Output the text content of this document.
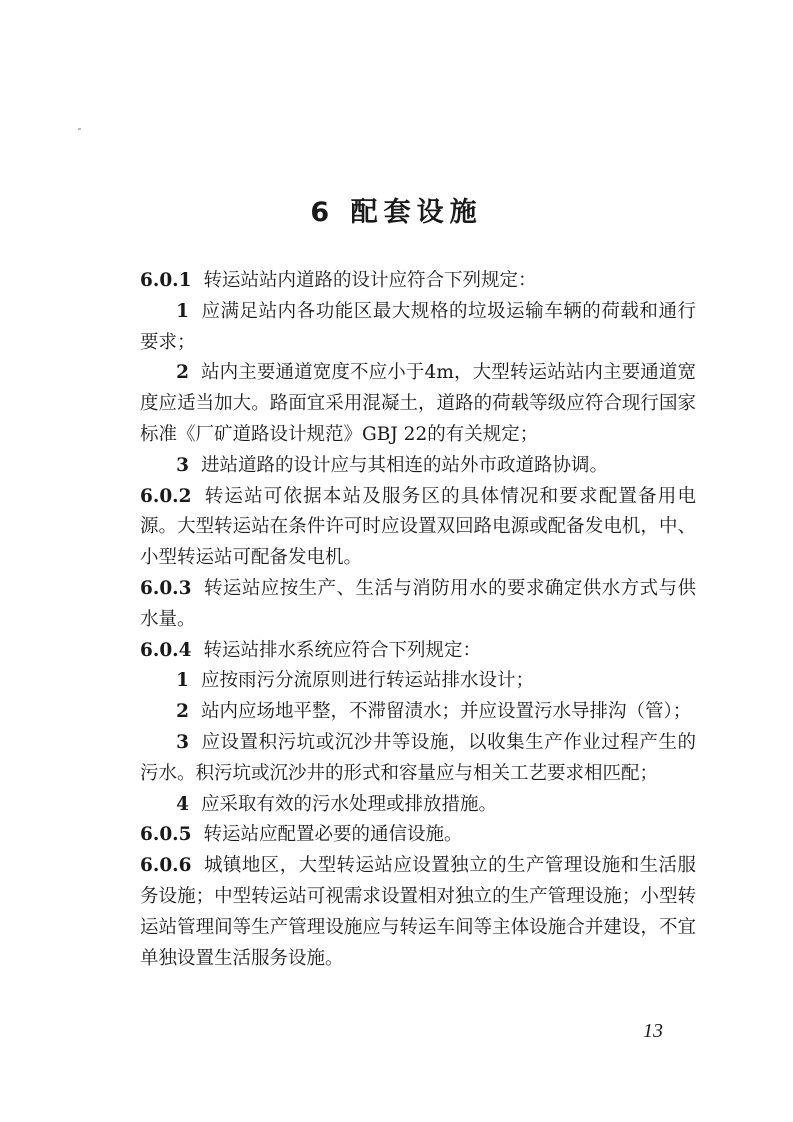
6 配套设施

6.0.1 转运站站内道路的设计应符合下列规定：

1 应满足站内各功能区最大规格的垃圾运输车辆的荷载和通行要求；

2 站内主要通道宽度不应小于4m，大型转运站站内主要通道宽度应适当加大。路面宜采用混凝土，道路的荷载等级应符合现行国家标准《厂矿道路设计规范》GBJ 22的有关规定；

3 进站道路的设计应与其相连的站外市政道路协调。

6.0.2 转运站可依据本站及服务区的具体情况和要求配置备用电源。大型转运站在条件许可时应设置双回路电源或配备发电机，中、小型转运站可配备发电机。

6.0.3 转运站应按生产、生活与消防用水的要求确定供水方式与供水量。

6.0.4 转运站排水系统应符合下列规定：

1 应按雨污分流原则进行转运站排水设计；

2 站内应场地平整，不滞留渍水；并应设置污水导排沟（管）；

3 应设置积污坑或沉沙井等设施，以收集生产作业过程产生的污水。积污坑或沉沙井的形式和容量应与相关工艺要求相匹配；

4 应采取有效的污水处理或排放措施。

6.0.5 转运站应配置必要的通信设施。

6.0.6 城镇地区，大型转运站应设置独立的生产管理设施和生活服务设施；中型转运站可视需求设置相对独立的生产管理设施；小型转运站管理间等生产管理设施应与转运车间等主体设施合并建设，不宜单独设置生活服务设施。

13
